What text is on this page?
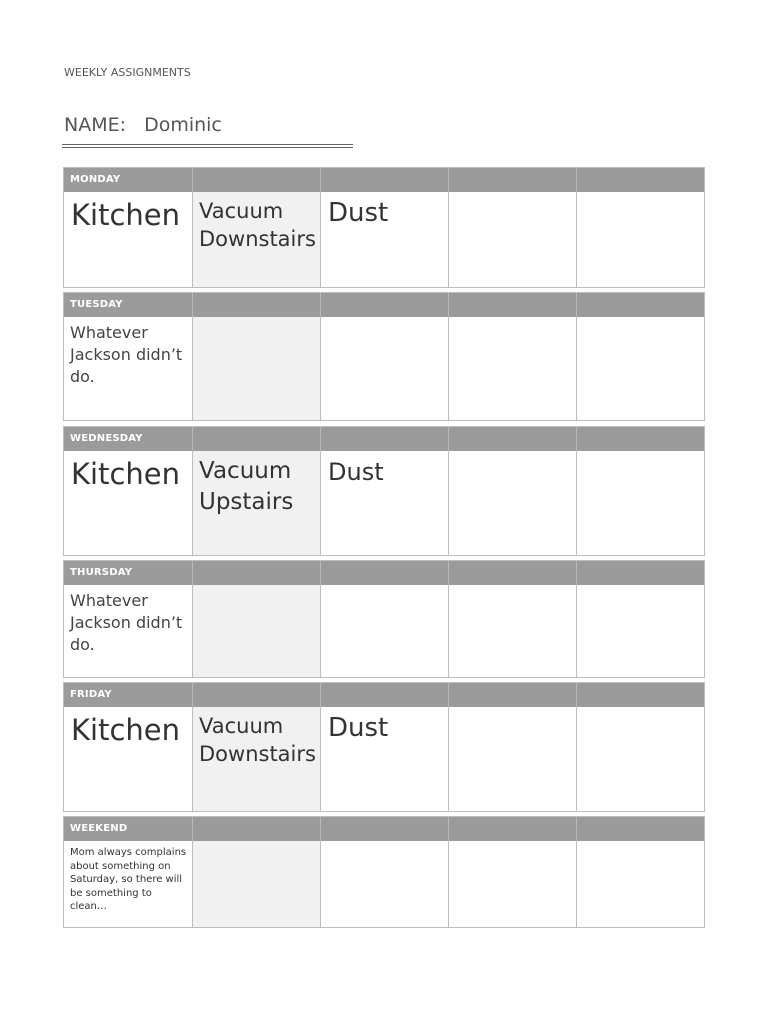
WEEKLY ASSIGNMENTS
NAME: Dominic
MONDAY
Kitchen Vacuum Downstairs
Dust
TUESDAY
Whatever Jackson didn’t do.
WEDNESDAY
Kitchen Vacuum Upstairs
Dust
THURSDAY
Whatever Jackson didn’t do.
FRIDAY
Kitchen Vacuum Downstairs
Dust
WEEKEND
Mom always complains about something on Saturday, so there will be something to clean…
